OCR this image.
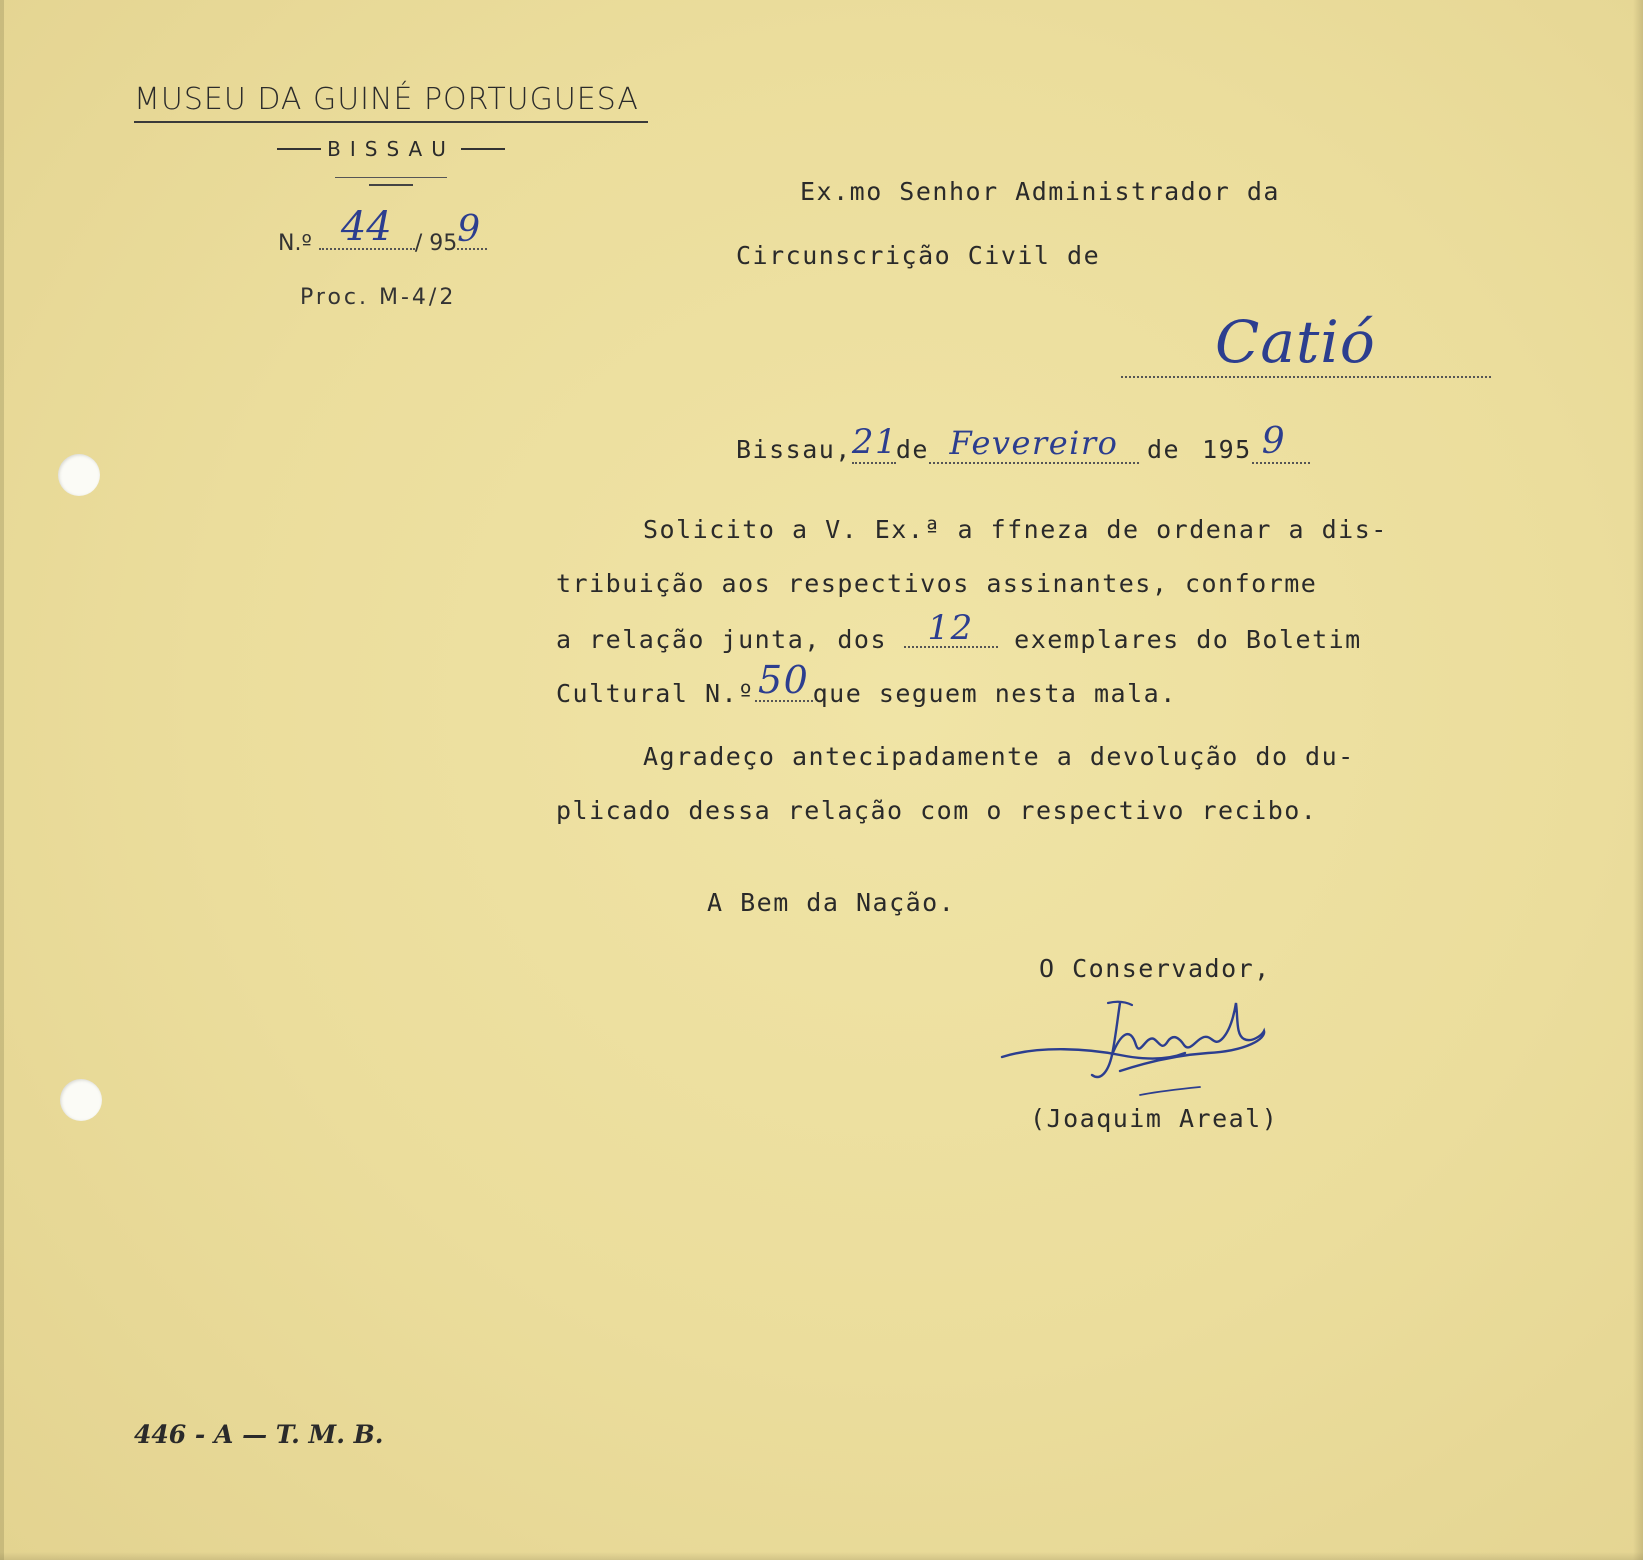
MUSEU DA GUINÉ PORTUGUESA
BISSAU
N.º 44 / 95 9
Proc. M-4/2
Ex.mo Senhor Administrador da
Circunscrição Civil de
Catió
Bissau, 21
de Fevereiro	de 195 9
Solicito a V. Ex.ª a ffneza de ordenar a dis-
tribuição aos respectivos assinantes, conforme
a relação junta, dos	12	exemplares do Boletim
Cultural N.º 50 que seguem nesta mala.
Agradeço antecipadamente a devolução do du-
plicado dessa relação com o respectivo recibo.
A Bem da Nação.
O Conservador,
(Joaquim Areal)
446 - A — T. M. B.
